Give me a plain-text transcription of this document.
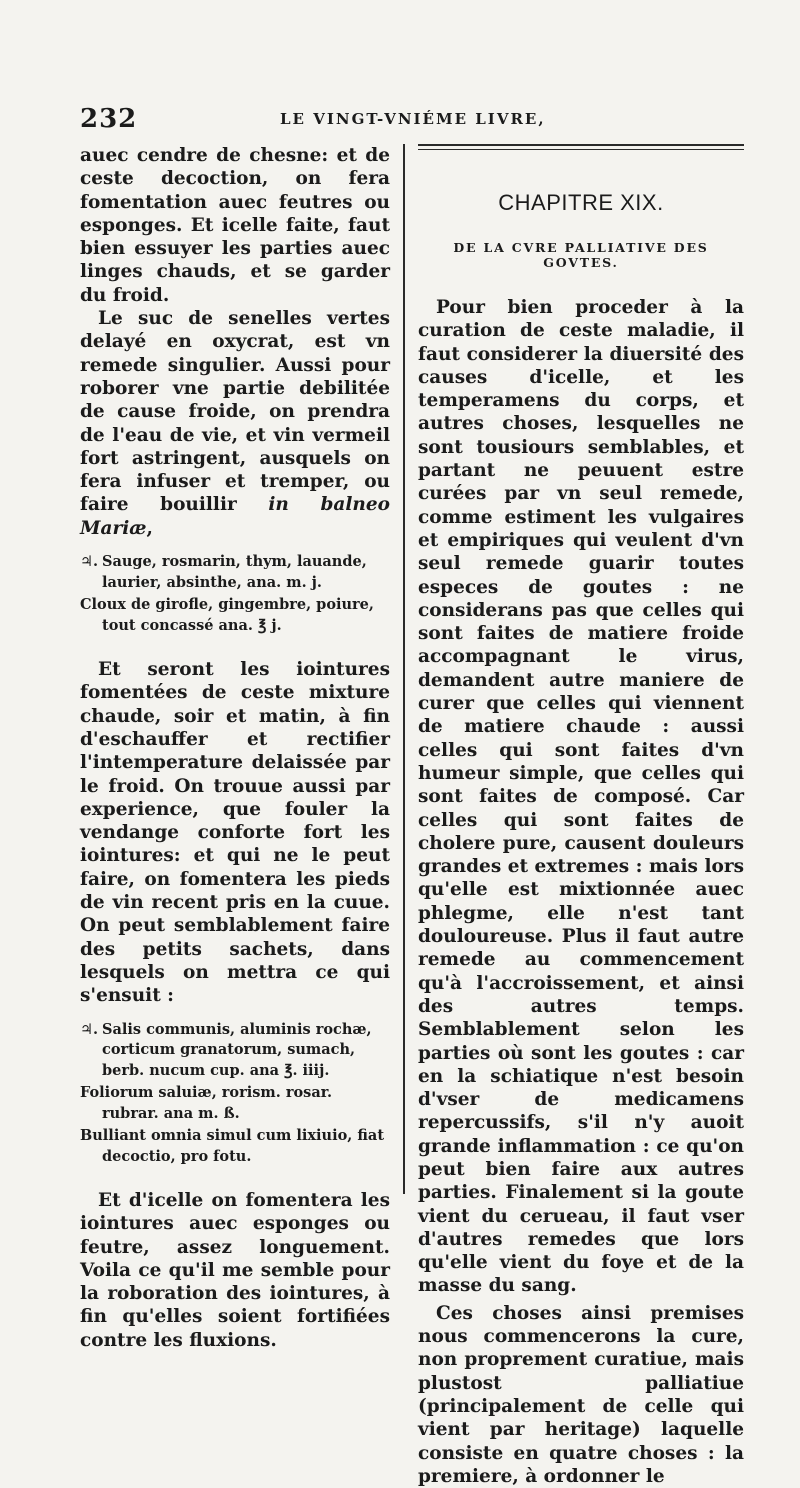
232	LE VINGT-VNIÉME LIVRE,

auec cendre de chesne: et de ceste decoction, on fera fomentation auec feutres ou esponges. Et icelle faite, faut bien essuyer les parties auec linges chauds, et se garder du froid.

Le suc de senelles vertes delayé en oxycrat, est vn remede singulier. Aussi pour roborer vne partie debilitée de cause froide, on prendra de l'eau de vie, et vin vermeil fort astringent, ausquels on fera infuser et tremper, ou faire bouillir in balneo Mariæ,

♃. Sauge, rosmarin, thym, lauande, laurier, absinthe, ana. m. j.

Cloux de girofle, gingembre, poiure, tout concassé ana. ℥ j.

Et seront les iointures fomentées de ceste mixture chaude, soir et matin, à fin d'eschauffer et rectifier l'intemperature delaissée par le froid. On trouue aussi par experience, que fouler la vendange conforte fort les iointures: et qui ne le peut faire, on fomentera les pieds de vin recent pris en la cuue. On peut semblablement faire des petits sachets, dans lesquels on mettra ce qui s'ensuit :

♃. Salis communis, aluminis rochæ, corticum granatorum, sumach, berb. nucum cup. ana ℥. iiij.

Foliorum saluiæ, rorism. rosar. rubrar. ana m. ß.

Bulliant omnia simul cum lixiuio, fiat decoctio, pro fotu.

Et d'icelle on fomentera les iointures auec esponges ou feutre, assez longuement. Voila ce qu'il me semble pour la roboration des iointures, à fin qu'elles soient fortifiées contre les fluxions.

CHAPITRE XIX.

DE LA CVRE PALLIATIVE DES GOVTES.

Pour bien proceder à la curation de ceste maladie, il faut considerer la diuersité des causes d'icelle, et les temperamens du corps, et autres choses, lesquelles ne sont tousiours semblables, et partant ne peuuent estre curées par vn seul remede, comme estiment les vulgaires et empiriques qui veulent d'vn seul remede guarir toutes especes de goutes : ne considerans pas que celles qui sont faites de matiere froide accompagnant le virus, demandent autre maniere de curer que celles qui viennent de matiere chaude : aussi celles qui sont faites d'vn humeur simple, que celles qui sont faites de composé. Car celles qui sont faites de cholere pure, causent douleurs grandes et extremes : mais lors qu'elle est mixtionnée auec phlegme, elle n'est tant douloureuse. Plus il faut autre remede au commencement qu'à l'accroissement, et ainsi des autres temps. Semblablement selon les parties où sont les goutes : car en la schiatique n'est besoin d'vser de medicamens repercussifs, s'il n'y auoit grande inflammation : ce qu'on peut bien faire aux autres parties. Finalement si la goute vient du cerueau, il faut vser d'autres remedes que lors qu'elle vient du foye et de la masse du sang.

Ces choses ainsi premises nous commencerons la cure, non proprement curatiue, mais plustost palliatiue (principalement de celle qui vient par heritage) laquelle consiste en quatre choses : la premiere, à ordonner le
